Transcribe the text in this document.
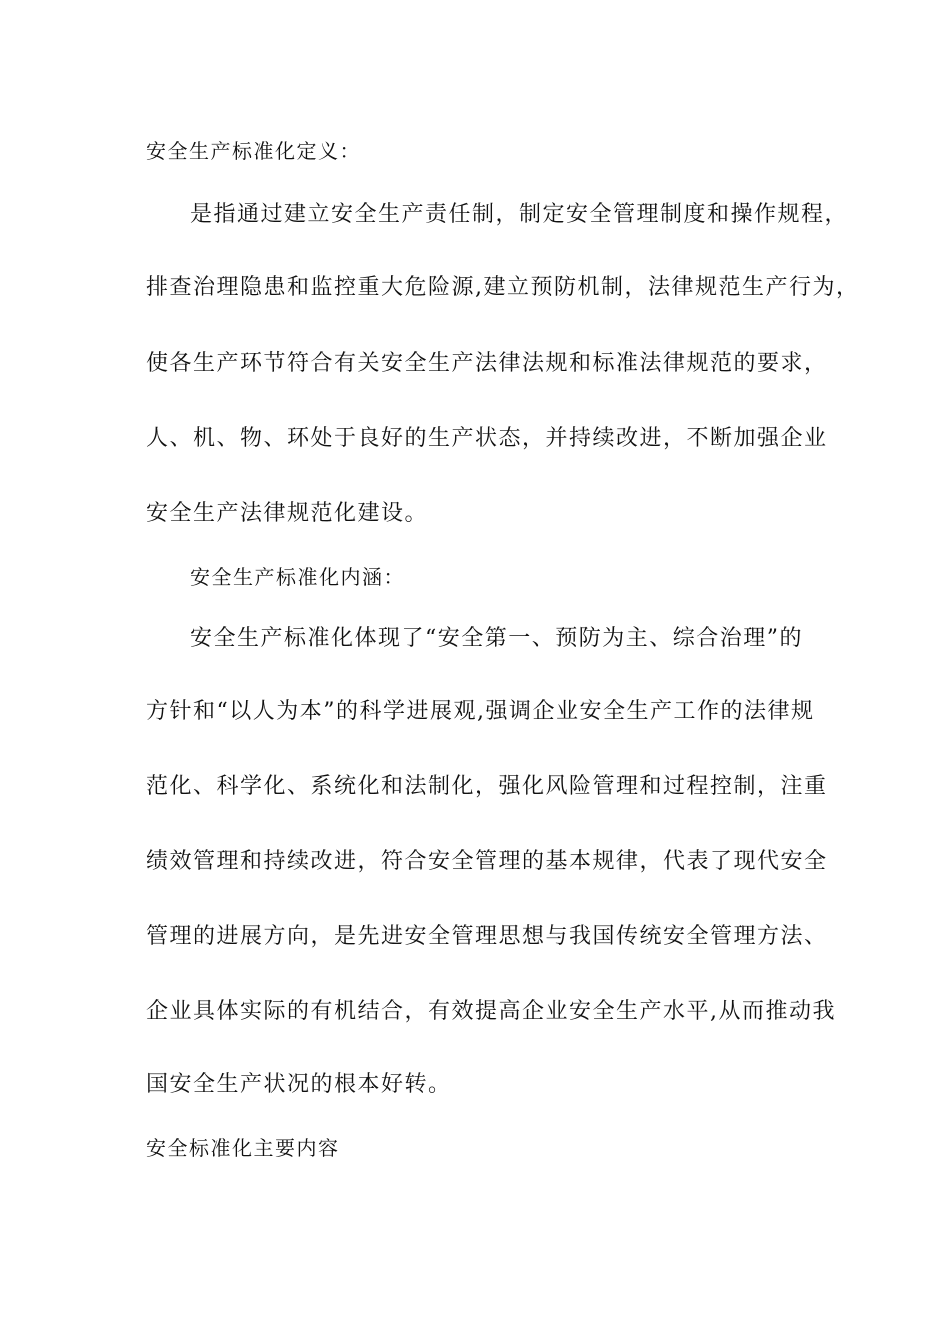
安全生产标准化定义：
是指通过建立安全生产责任制，制定安全管理制度和操作规程，
排查治理隐患和监控重大危险源,建立预防机制，法律规范生产行为，
使各生产环节符合有关安全生产法律法规和标准法律规范的要求，
人、机、物、环处于良好的生产状态，并持续改进，不断加强企业
安全生产法律规范化建设。
安全生产标准化内涵：
安全生产标准化体现了“安全第一、预防为主、综合治理”的
方针和“以人为本”的科学进展观,强调企业安全生产工作的法律规
范化、科学化、系统化和法制化，强化风险管理和过程控制，注重
绩效管理和持续改进，符合安全管理的基本规律，代表了现代安全
管理的进展方向，是先进安全管理思想与我国传统安全管理方法、
企业具体实际的有机结合，有效提高企业安全生产水平,从而推动我
国安全生产状况的根本好转。
安全标准化主要内容
